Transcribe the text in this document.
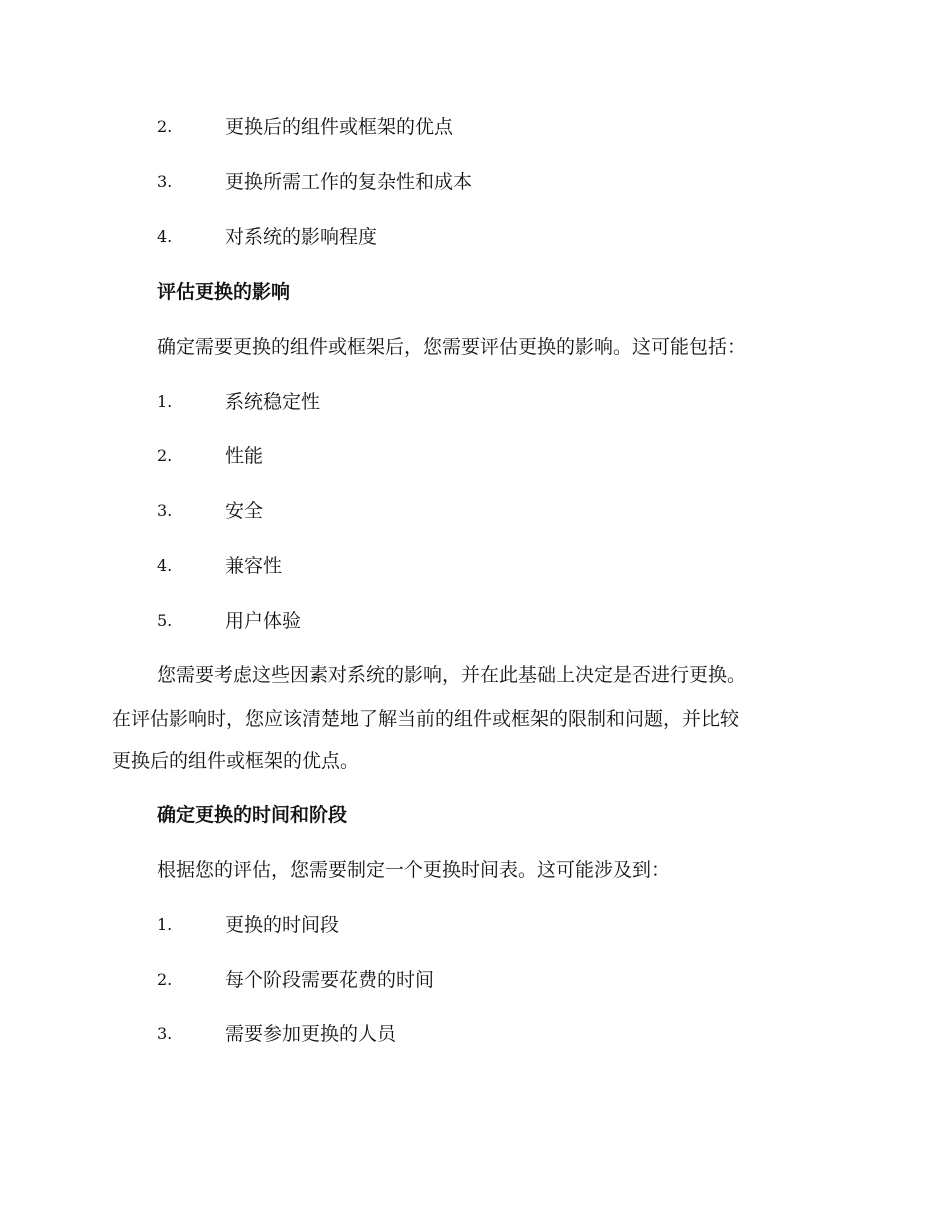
2.	更换后的组件或框架的优点
3.	更换所需工作的复杂性和成本
4.	对系统的影响程度
评估更换的影响
确定需要更换的组件或框架后，您需要评估更换的影响。这可能包括：
1.	系统稳定性
2.	性能
3.	安全
4.	兼容性
5.	用户体验
您需要考虑这些因素对系统的影响，并在此基础上决定是否进行更换。
在评估影响时，您应该清楚地了解当前的组件或框架的限制和问题，并比较
更换后的组件或框架的优点。
确定更换的时间和阶段
根据您的评估，您需要制定一个更换时间表。这可能涉及到：
1.	更换的时间段
2.	每个阶段需要花费的时间
3.	需要参加更换的人员
